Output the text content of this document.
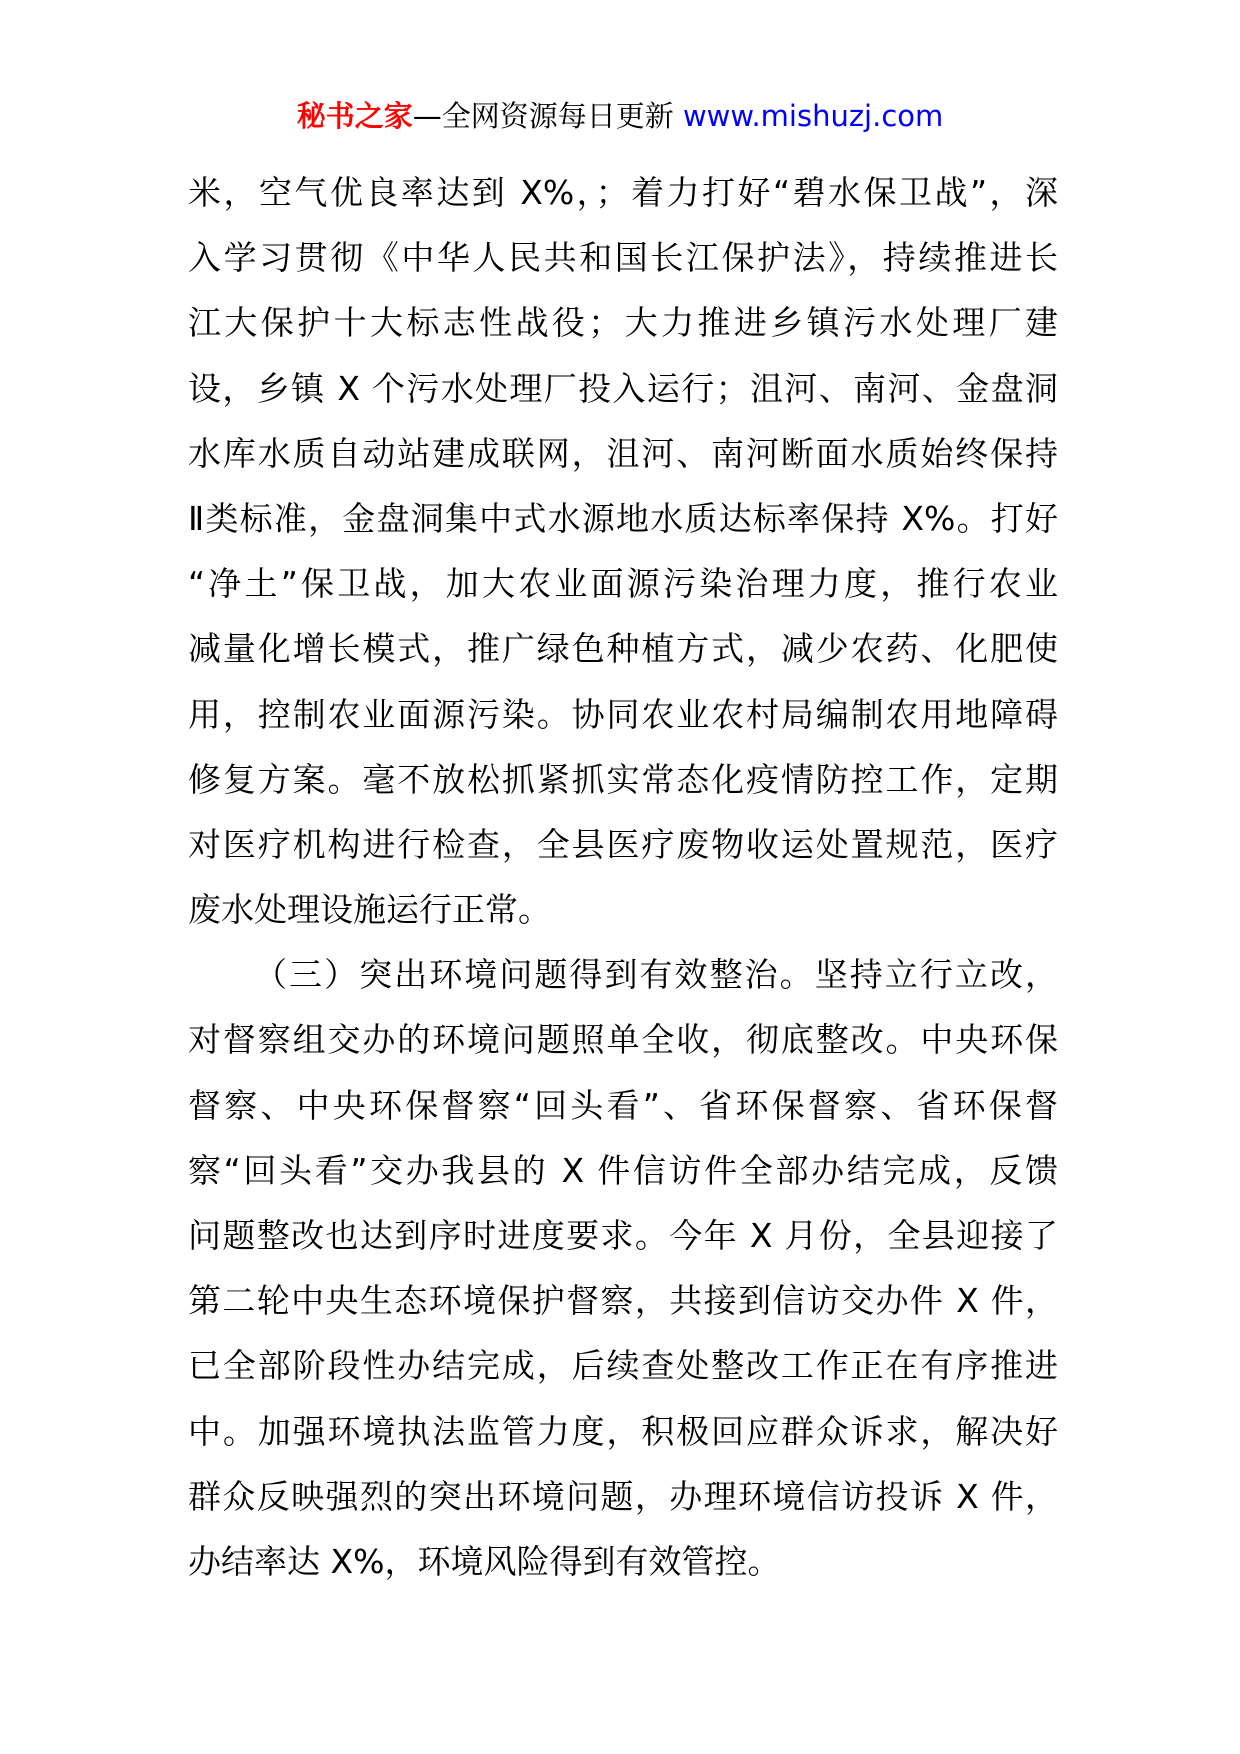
秘书之家—全网资源每日更新 www.mishuzj.com
米，空气优良率达到 X%，；着力打好“碧水保卫战”，深
入学习贯彻《中华人民共和国长江保护法》，持续推进长
江大保护十大标志性战役；大力推进乡镇污水处理厂建
设，乡镇 X 个污水处理厂投入运行；沮河、南河、金盘洞
水库水质自动站建成联网，沮河、南河断面水质始终保持
Ⅱ类标准，金盘洞集中式水源地水质达标率保持 X%。打好
“净土”保卫战，加大农业面源污染治理力度，推行农业
减量化增长模式，推广绿色种植方式，减少农药、化肥使
用，控制农业面源污染。协同农业农村局编制农用地障碍
修复方案。毫不放松抓紧抓实常态化疫情防控工作，定期
对医疗机构进行检查，全县医疗废物收运处置规范，医疗
废水处理设施运行正常。
（三）突出环境问题得到有效整治。坚持立行立改，
对督察组交办的环境问题照单全收，彻底整改。中央环保
督察、中央环保督察“回头看”、省环保督察、省环保督
察“回头看”交办我县的 X 件信访件全部办结完成，反馈
问题整改也达到序时进度要求。今年 X 月份，全县迎接了
第二轮中央生态环境保护督察，共接到信访交办件 X 件，
已全部阶段性办结完成，后续查处整改工作正在有序推进
中。加强环境执法监管力度，积极回应群众诉求，解决好
群众反映强烈的突出环境问题，办理环境信访投诉 X 件，
办结率达 X%，环境风险得到有效管控。
